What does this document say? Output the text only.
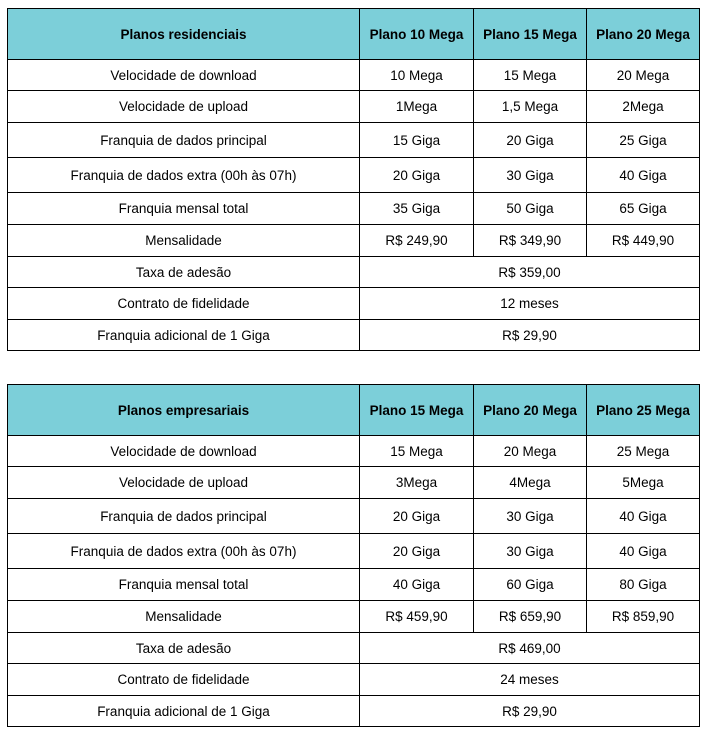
Planos residenciais	Plano 10 Mega	Plano 15 Mega	Plano 20 Mega
Velocidade de download	10 Mega	15 Mega	20 Mega
Velocidade de upload	1Mega	1,5 Mega	2Mega
Franquia de dados principal	15 Giga	20 Giga	25 Giga
Franquia de dados extra (00h às 07h)	20 Giga	30 Giga	40 Giga
Franquia mensal total	35 Giga	50 Giga	65 Giga
Mensalidade	R$ 249,90	R$ 349,90	R$ 449,90
Taxa de adesão	R$ 359,00		
Contrato de fidelidade	12 meses		
Franquia adicional de 1 Giga	R$ 29,90		
Planos empresariais	Plano 15 Mega	Plano 20 Mega	Plano 25 Mega
Velocidade de download	15 Mega	20 Mega	25 Mega
Velocidade de upload	3Mega	4Mega	5Mega
Franquia de dados principal	20 Giga	30 Giga	40 Giga
Franquia de dados extra (00h às 07h)	20 Giga	30 Giga	40 Giga
Franquia mensal total	40 Giga	60 Giga	80 Giga
Mensalidade	R$ 459,90	R$ 659,90	R$ 859,90
Taxa de adesão	R$ 469,00		
Contrato de fidelidade	24 meses		
Franquia adicional de 1 Giga	R$ 29,90		
